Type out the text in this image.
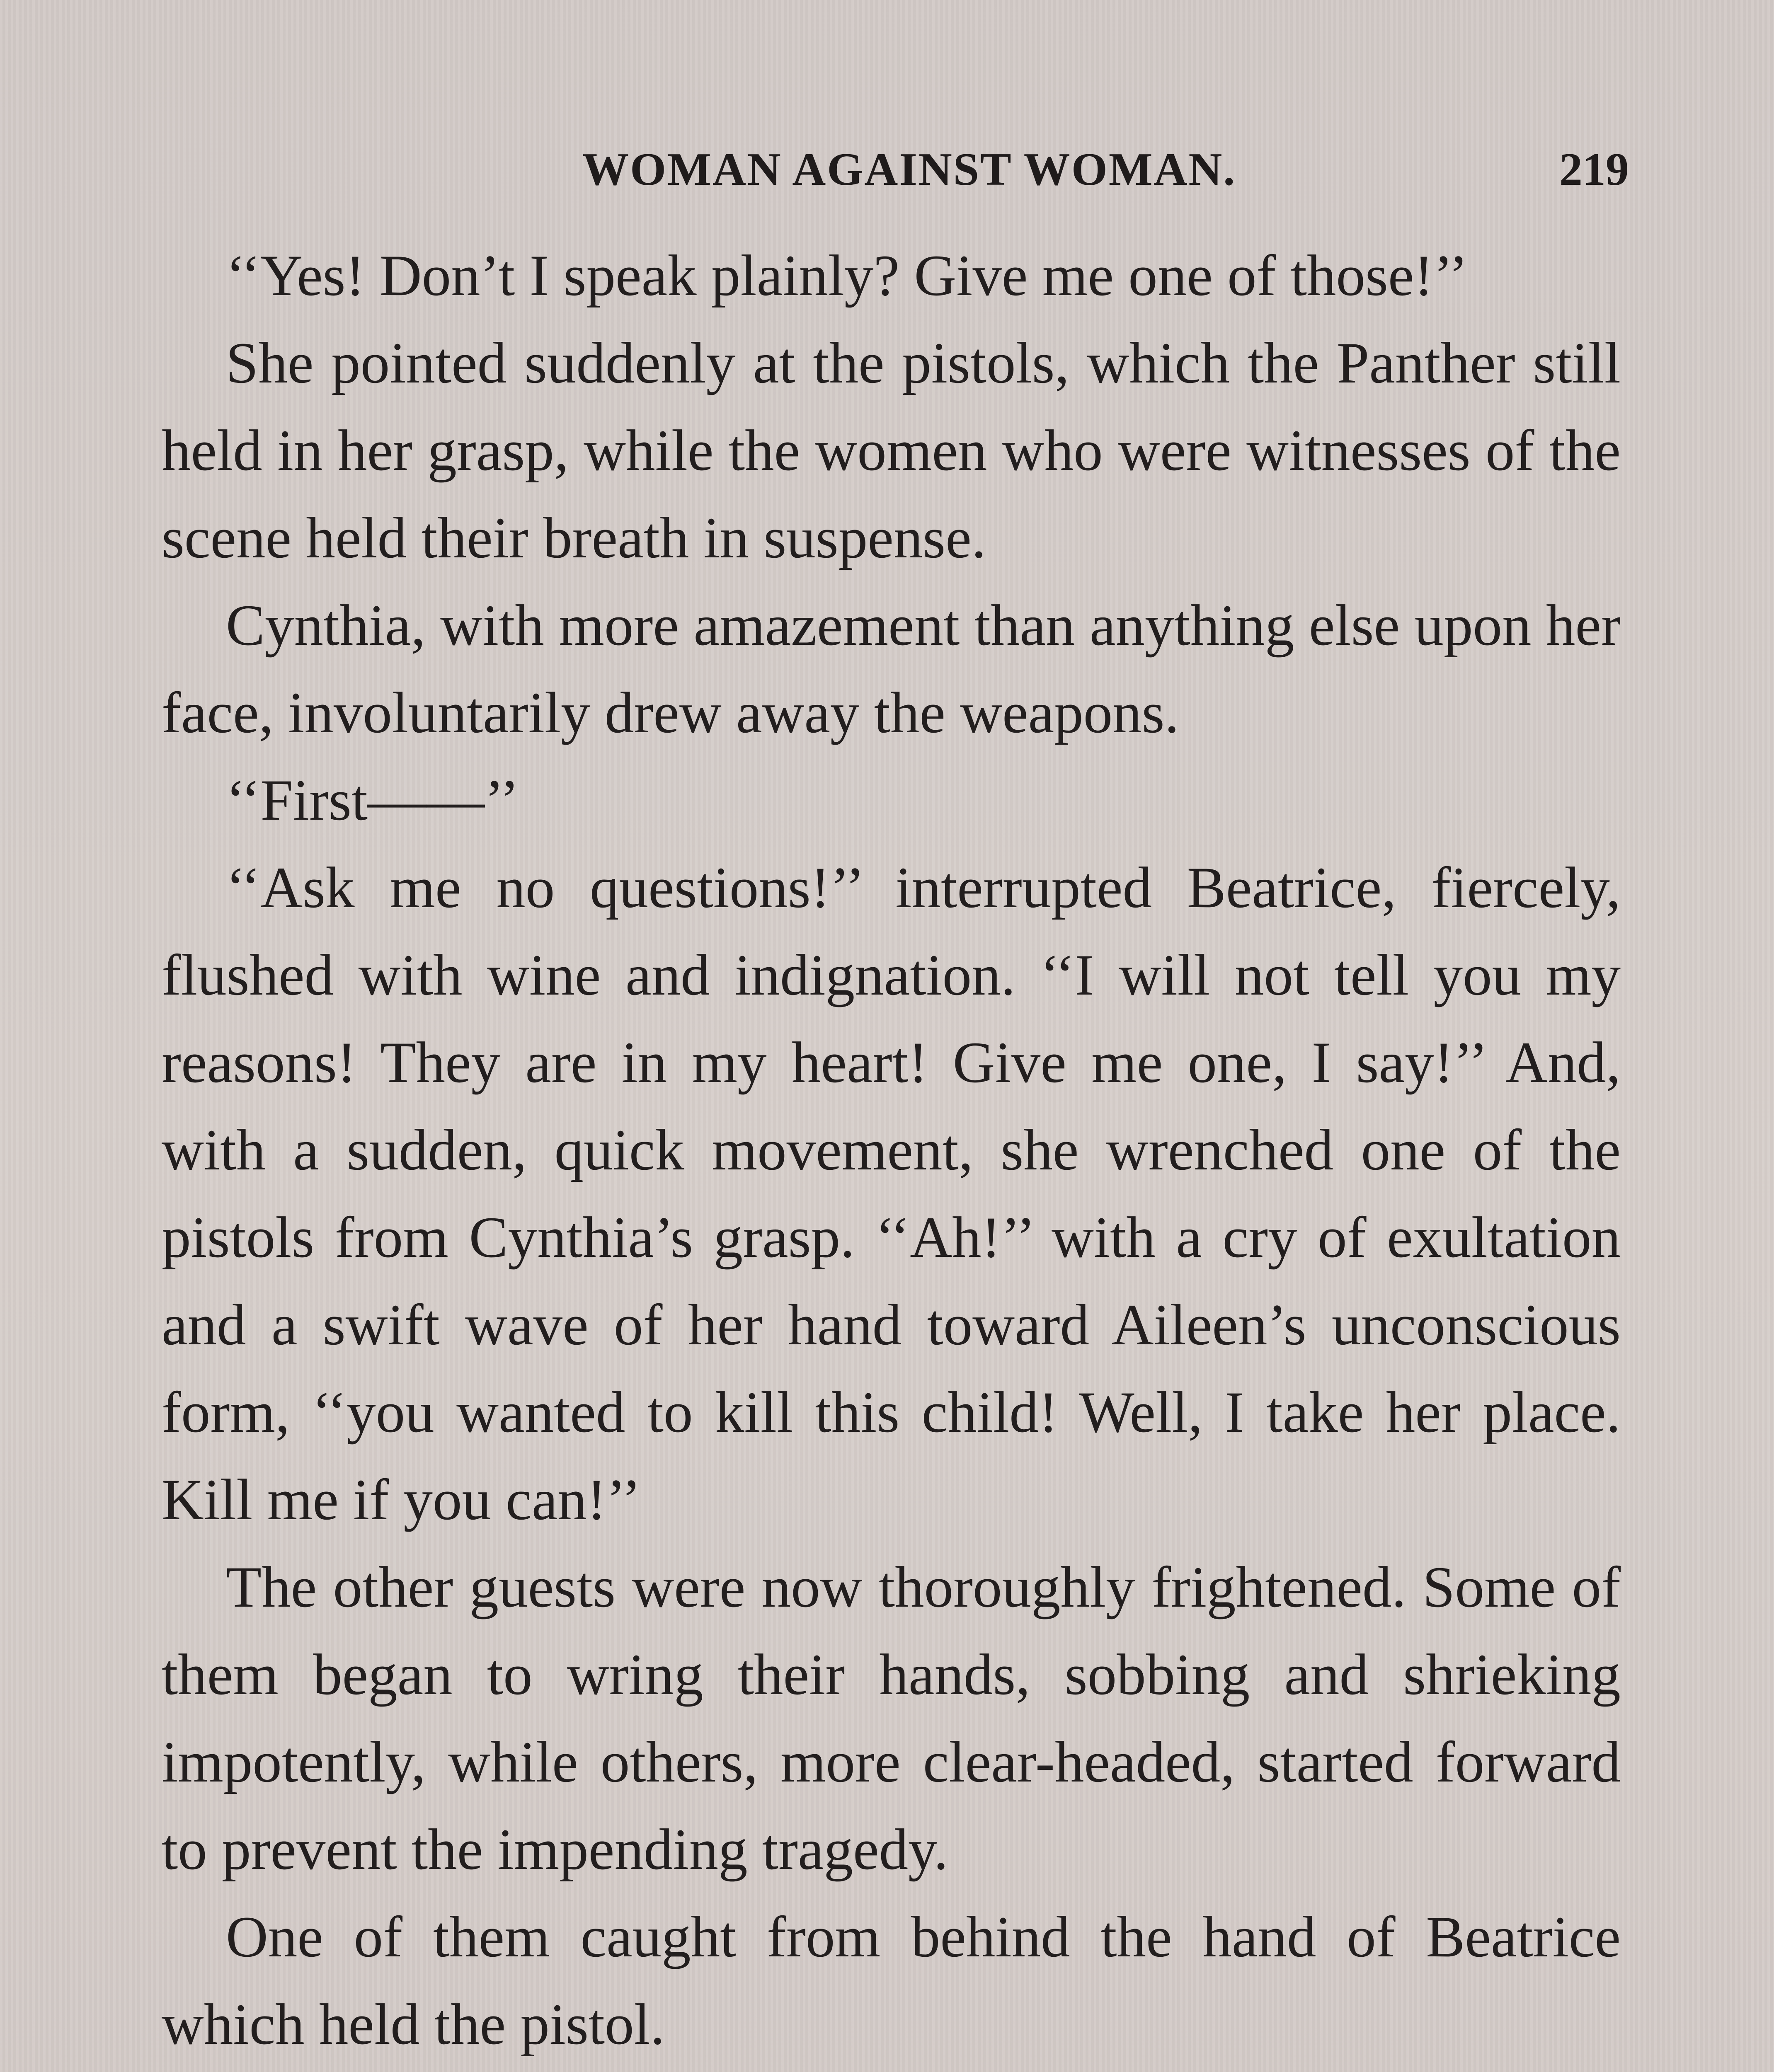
WOMAN AGAINST WOMAN.	219

‘‘Yes! Don’t I speak plainly? Give me one of those!’’

She pointed suddenly at the pistols, which the Panther still held in her grasp, while the women who were witnesses of the scene held their breath in suspense.

Cynthia, with more amazement than anything else upon her face, involuntarily drew away the weapons.

‘‘First——’’

‘‘Ask me no questions!’’ interrupted Beatrice, fiercely, flushed with wine and indignation. ‘‘I will not tell you my reasons! They are in my heart! Give me one, I say!’’ And, with a sudden, quick movement, she wrenched one of the pistols from Cynthia’s grasp. ‘‘Ah!’’ with a cry of exultation and a swift wave of her hand toward Aileen’s unconscious form, ‘‘you wanted to kill this child! Well, I take her place. Kill me if you can!’’

The other guests were now thoroughly frightened. Some of them began to wring their hands, sobbing and shrieking impotently, while others, more clear-headed, started forward to prevent the impending tragedy.

One of them caught from behind the hand of Beatrice which held the pistol.
